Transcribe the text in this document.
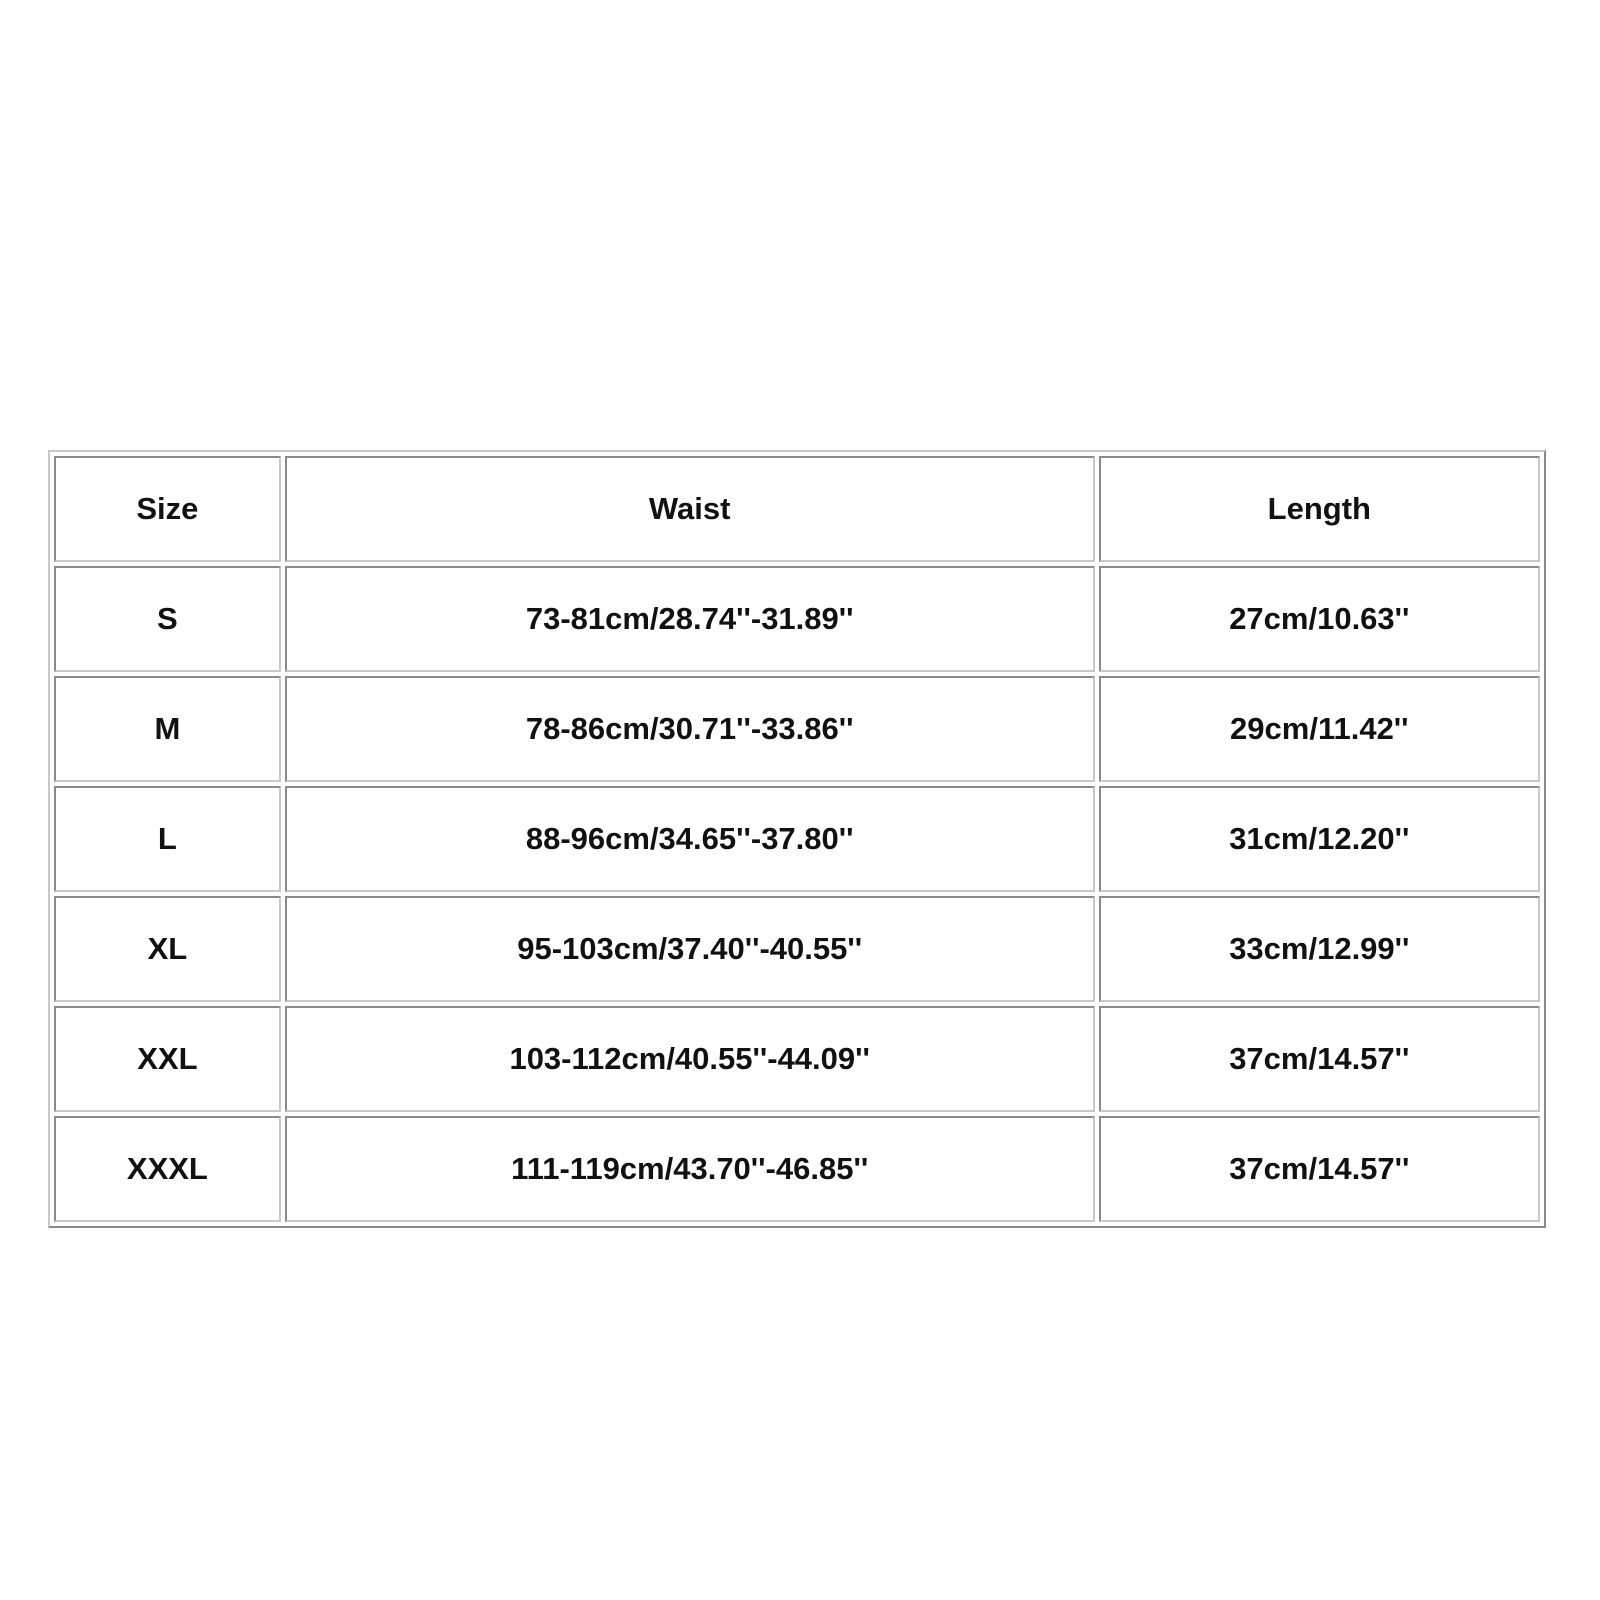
Size	Waist	Length
S	73-81cm/28.74''-31.89''	27cm/10.63''
M	78-86cm/30.71''-33.86''	29cm/11.42''
L	88-96cm/34.65''-37.80''	31cm/12.20''
XL	95-103cm/37.40''-40.55''	33cm/12.99''
XXL	103-112cm/40.55''-44.09''	37cm/14.57''
XXXL	111-119cm/43.70''-46.85''	37cm/14.57''
